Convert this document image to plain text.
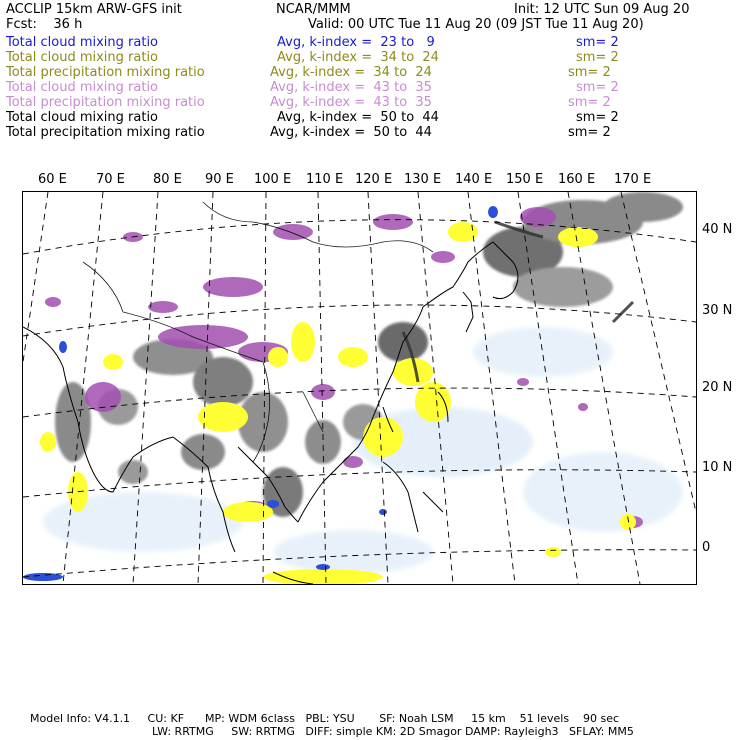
ACCLIP 15km ARW-GFS init	NCAR/MMM	Init: 12 UTC Sun 09 Aug 20
Fcst:    36 h	Valid: 00 UTC Tue 11 Aug 20 (09 JST Tue 11 Aug 20)
Total cloud mixing ratio	Avg, k-index =  23 to   9	sm= 2
Total cloud mixing ratio	Avg, k-index =  34 to  24	sm= 2
Total precipitation mixing ratio	Avg, k-index =  34 to  24	sm= 2
Total cloud mixing ratio	Avg, k-index =  43 to  35	sm= 2
Total precipitation mixing ratio	Avg, k-index =  43 to  35	sm= 2
Total cloud mixing ratio	Avg, k-index =  50 to  44	sm= 2
Total precipitation mixing ratio	Avg, k-index =  50 to  44	sm= 2
60 E 70 E 80 E 90 E 100 E 110 E 120 E 130 E 140 E 150 E 160 E 170 E
40 N
30 N
20 N
10 N
0
Model Info: V4.1.1     CU: KF      MP: WDM 6class   PBL: YSU       SF: Noah LSM     15 km    51 levels    90 sec
LW: RRTMG     SW: RRTMG   DIFF: simple KM: 2D Smagor DAMP: Rayleigh3   SFLAY: MM5
